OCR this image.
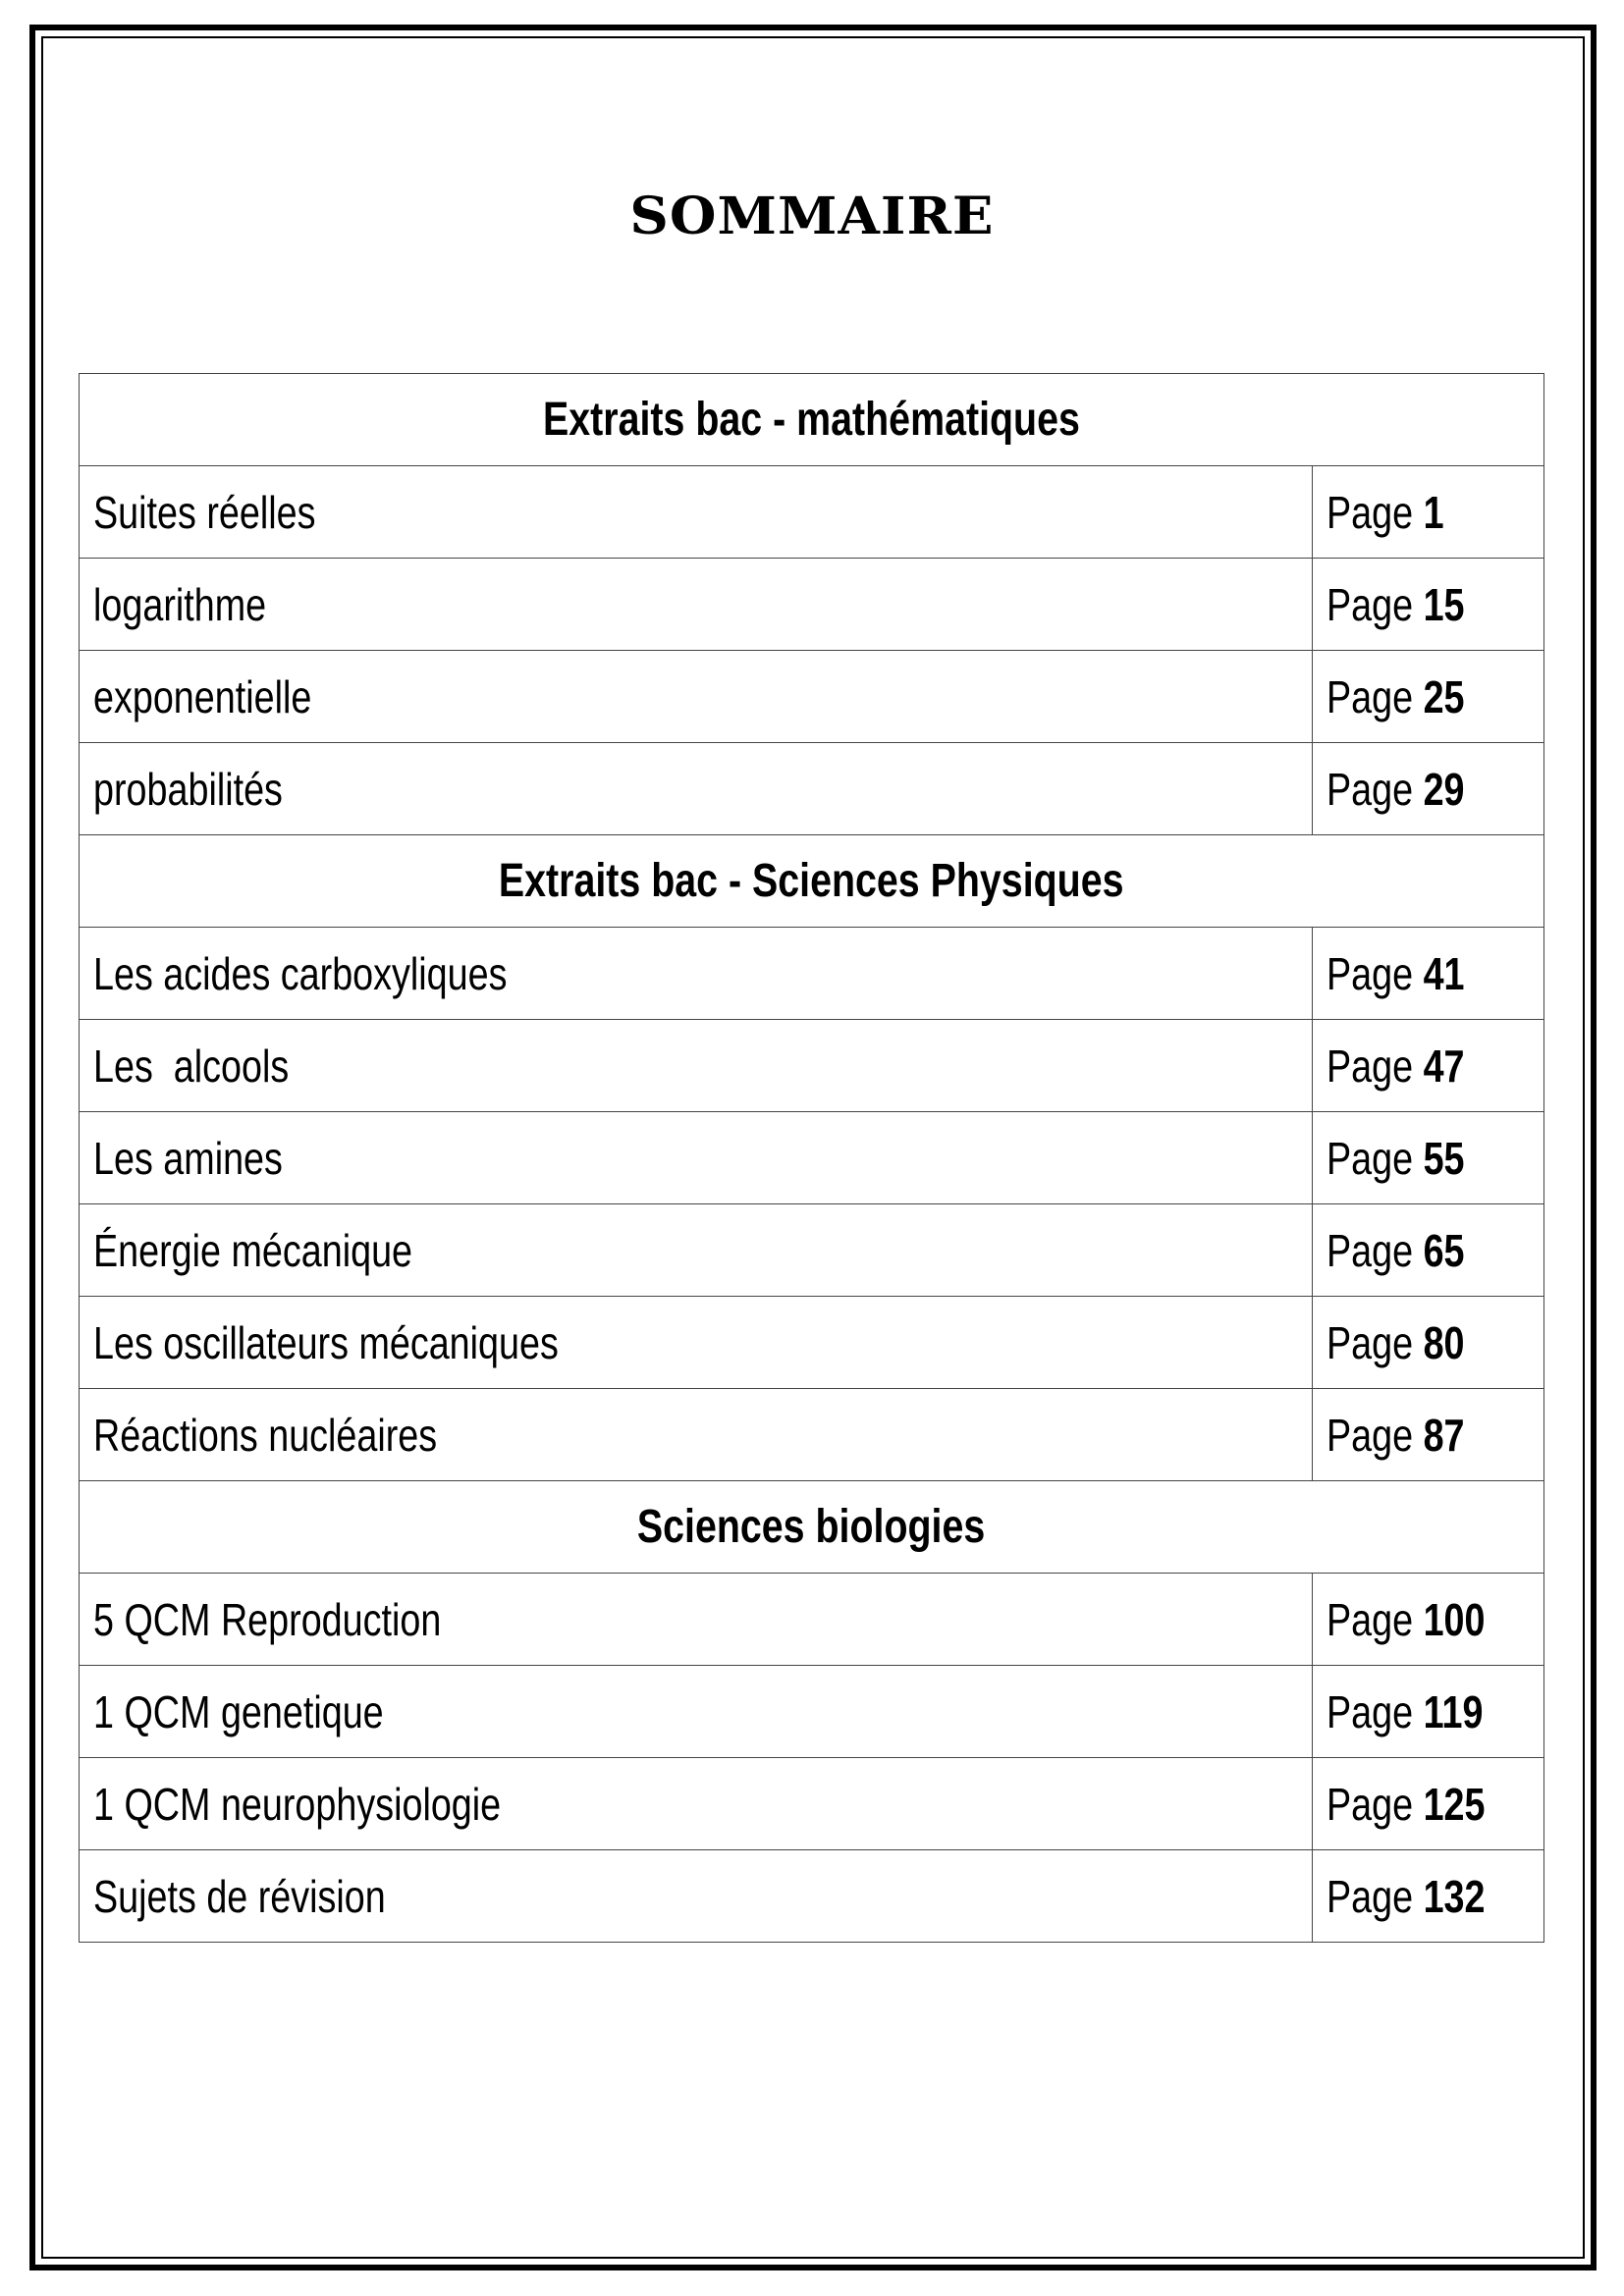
SOMMAIRE
Extraits bac - mathématiques	
Suites réelles	Page 1
logarithme	Page 15
exponentielle	Page 25
probabilités	Page 29
Extraits bac - Sciences Physiques	
Les acides carboxyliques	Page 41
Les  alcools	Page 47
Les amines	Page 55
Énergie mécanique	Page 65
Les oscillateurs mécaniques	Page 80
Réactions nucléaires	Page 87
Sciences biologies	
5 QCM Reproduction	Page 100
1 QCM genetique	Page 119
1 QCM neurophysiologie	Page 125
Sujets de révision	Page 132
